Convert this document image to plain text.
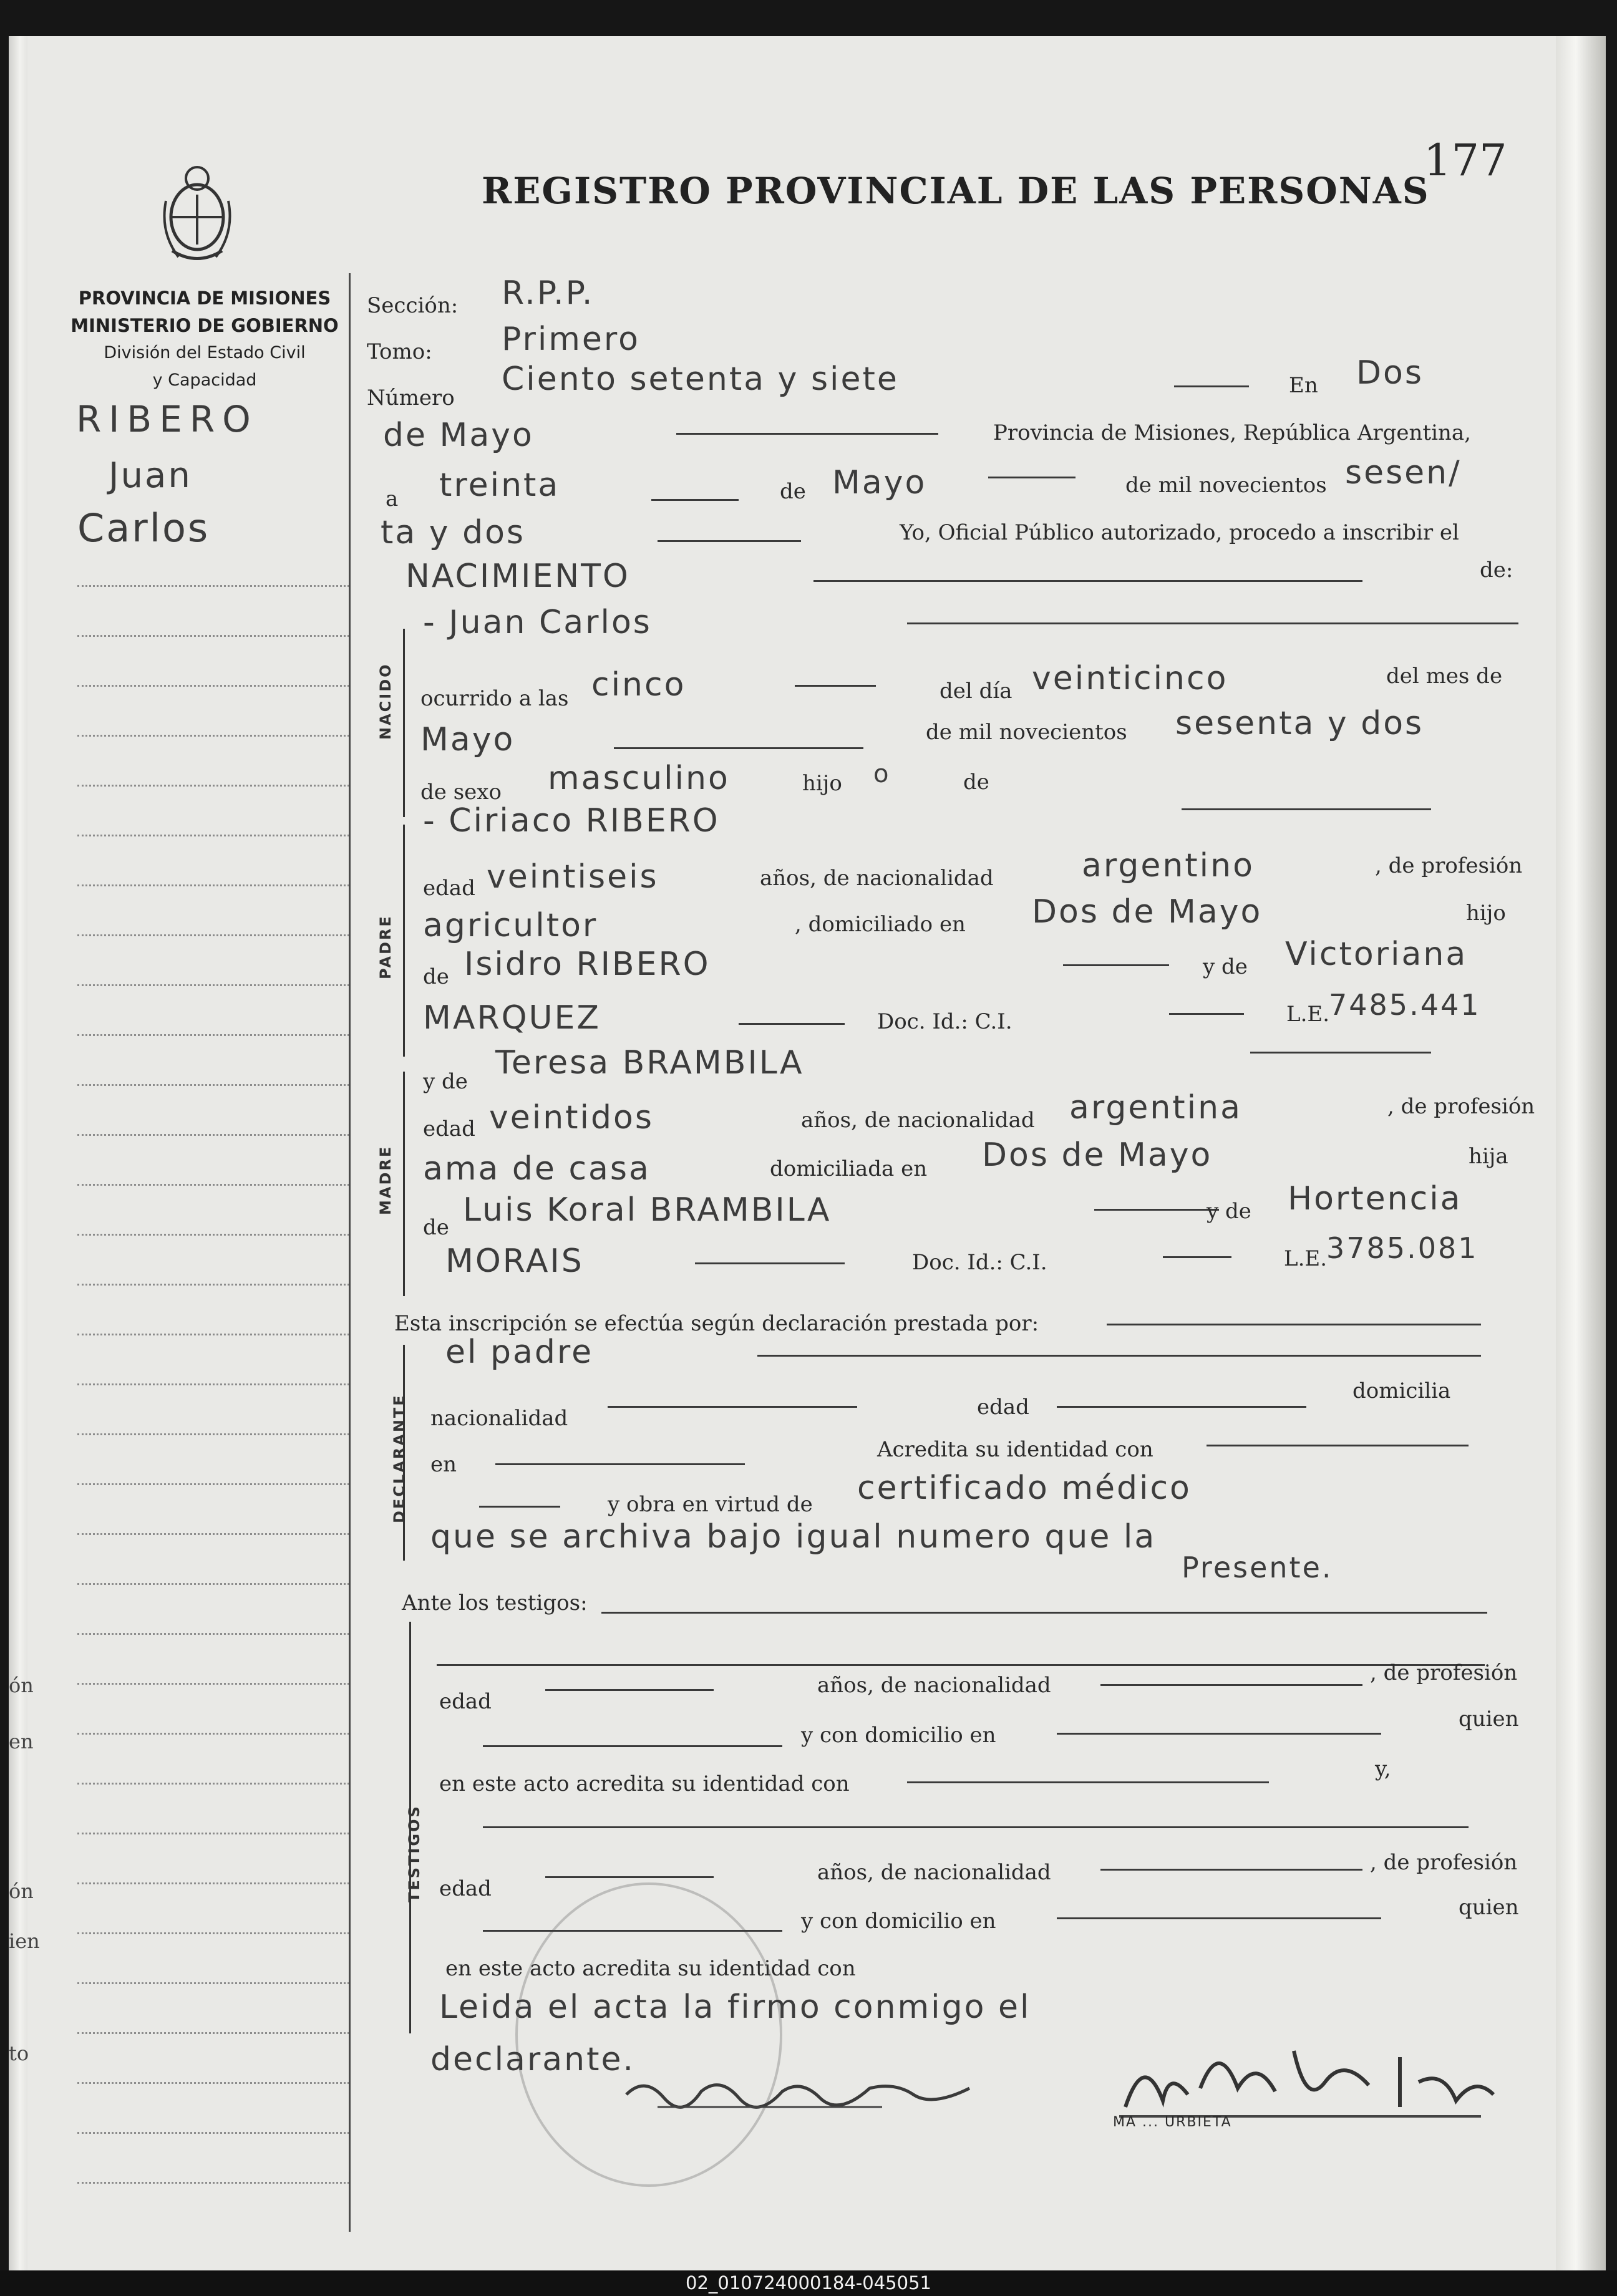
ón
en
ón
ien
to
PROVINCIA DE MISIONES
MINISTERIO DE GOBIERNO
División del Estado Civil
y Capacidad
RIBERO
Juan
Carlos
177
REGISTRO PROVINCIAL DE LAS PERSONAS
Sección: R.P.P.
Tomo: Primero
Número Ciento setenta y siete	En Dos
de Mayo	Provincia de Misiones, República Argentina,
a treinta	de Mayo	de mil novecientos sesen/
ta y dos	Yo, Oficial Público autorizado, procedo a inscribir el
NACIMIENTO	de:
NACIDO
- Juan Carlos
ocurrido a las cinco	del día veinticinco	del mes de
Mayo	de mil novecientos sesenta y dos
de sexo masculino	hijo o	de
PADRE
- Ciriaco RIBERO
edad veintiseis	años, de nacionalidad	argentino	, de profesión
agricultor	, domiciliado en Dos de Mayo	hijo
de Isidro RIBERO	y de Victoriana
MARQUEZ	Doc. Id.: C.I.	L.E.
7485.441
MADRE
y de Teresa BRAMBILA
edad veintidos	años, de nacionalidad argentina	, de profesión
ama de casa	domiciliada en Dos de Mayo	hija
de Luis Koral BRAMBILA	y de Hortencia
MORAIS	Doc. Id.: C.I.	L.E.
3785.081
Esta inscripción se efectúa según declaración prestada por:
DECLARANTE
el padre
nacionalidad	edad
domicilia
en
Acredita su identidad con
y obra en virtud de certificado médico
que se archiva bajo igual numero que la
Presente.
Ante los testigos:
TESTIGOS
edad
años, de nacionalidad	, de profesión
y con domicilio en
quien
en este acto acredita su identidad con
y,
edad
años, de nacionalidad	, de profesión
y con domicilio en
quien
en este acto acredita su identidad con
Leida el acta la firmo conmigo el
declarante.
MA ... URBIETA
02_010724000184-045051
